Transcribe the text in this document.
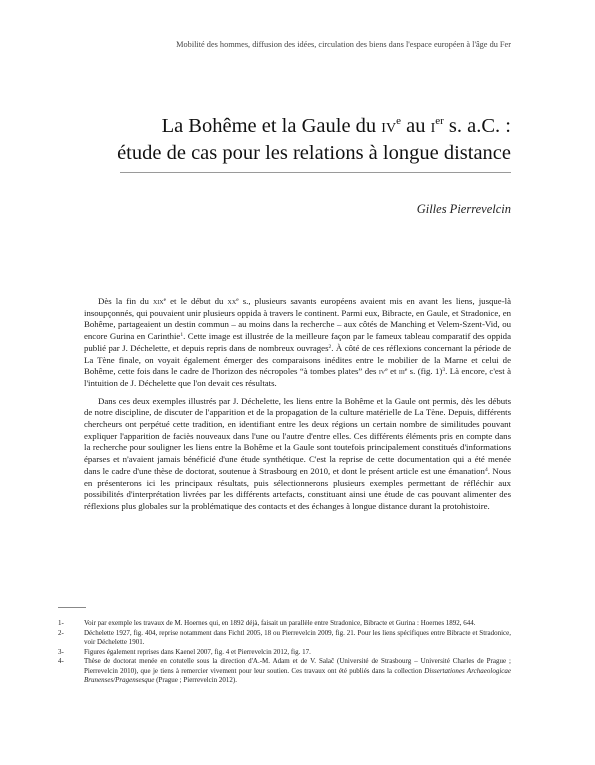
Mobilité des hommes, diffusion des idées, circulation des biens dans l'espace européen à l'âge du Fer
La Bohême et la Gaule du $iv^e$ au $i^{er}$ s. a.C. :
étude de cas pour les relations à longue distance
Gilles Pierrevelcin

Dès la fin du xix$^e$ et le début du $xx^e$ s., plusieurs savants européens avaient mis en avant les liens, jusque-là insoupçonnés, qui pouvaient unir plusieurs oppida à travers le continent. Parmi eux, Bibracte, en Gaule, et Stradonice, en Bohême, partageaient un destin commun – au moins dans la recherche – aux côtés de Manching et Velem-Szent-Vid, ou encore Gurina en Carinthie$^1$. Cette image est illustrée de la meilleure façon par le fameux tableau comparatif des oppida publié par J. Déchelette, et depuis repris dans de nombreux ouvrages$^2$. À côté de ces réflexions concernant la période de La Tène finale, on voyait également émerger des comparaisons inédites entre le mobilier de la Marne et celui de Bohême, cette fois dans le cadre de l'horizon des nécropoles “à tombes plates” des $iv^e$ et iii$^e$ s. (fig. 1)$^3$. Là encore, c'est à l'intuition de J. Déchelette que l'on devait ces résultats.

Dans ces deux exemples illustrés par J. Déchelette, les liens entre la Bohême et la Gaule ont permis, dès les débuts de notre discipline, de discuter de l'apparition et de la propagation de la culture matérielle de La Tène. Depuis, différents chercheurs ont perpétué cette tradition, en identifiant entre les deux régions un certain nombre de similitudes pouvant expliquer l'apparition de faciès nouveaux dans l'une ou l'autre d'entre elles. Ces différents éléments pris en compte dans la recherche pour souligner les liens entre la Bohême et la Gaule sont toutefois principalement constitués d'informations éparses et n'avaient jamais bénéficié d'une étude synthétique. C'est la reprise de cette documentation qui a été menée dans le cadre d'une thèse de doctorat, soutenue à Strasbourg en 2010, et dont le présent article est une émanation$^4$. Nous en présenterons ici les principaux résultats, puis sélectionnerons plusieurs exemples permettant de réfléchir aux possibilités d'interprétation livrées par les différents artefacts, constituant ainsi une étude de cas pouvant alimenter des réflexions plus globales sur la problématique des contacts et des échanges à longue distance durant la protohistoire.

1-	Voir par exemple les travaux de M. Hoernes qui, en 1892 déjà, faisait un parallèle entre Stradonice, Bibracte et Gurina : Hoernes 1892, 644.
2-	Déchelette 1927, fig. 404, reprise notamment dans Fichtl 2005, 18 ou Pierrevelcin 2009, fig. 21. Pour les liens spécifiques entre Bibracte et Stradonice, voir Déchelette 1901.
3-	Figures également reprises dans Kaenel 2007, fig. 4 et Pierrevelcin 2012, fig. 17.
4-	Thèse de doctorat menée en cotutelle sous la direction d'A.-M. Adam et de V. Salač (Université de Strasbourg – Université Charles de Prague ; Pierrevelcin 2010), que je tiens à remercier vivement pour leur soutien. Ces travaux ont été publiés dans la collection Dissertationes Archaeologicae Brunenses/Pragensesque (Prague ; Pierrevelcin 2012).
